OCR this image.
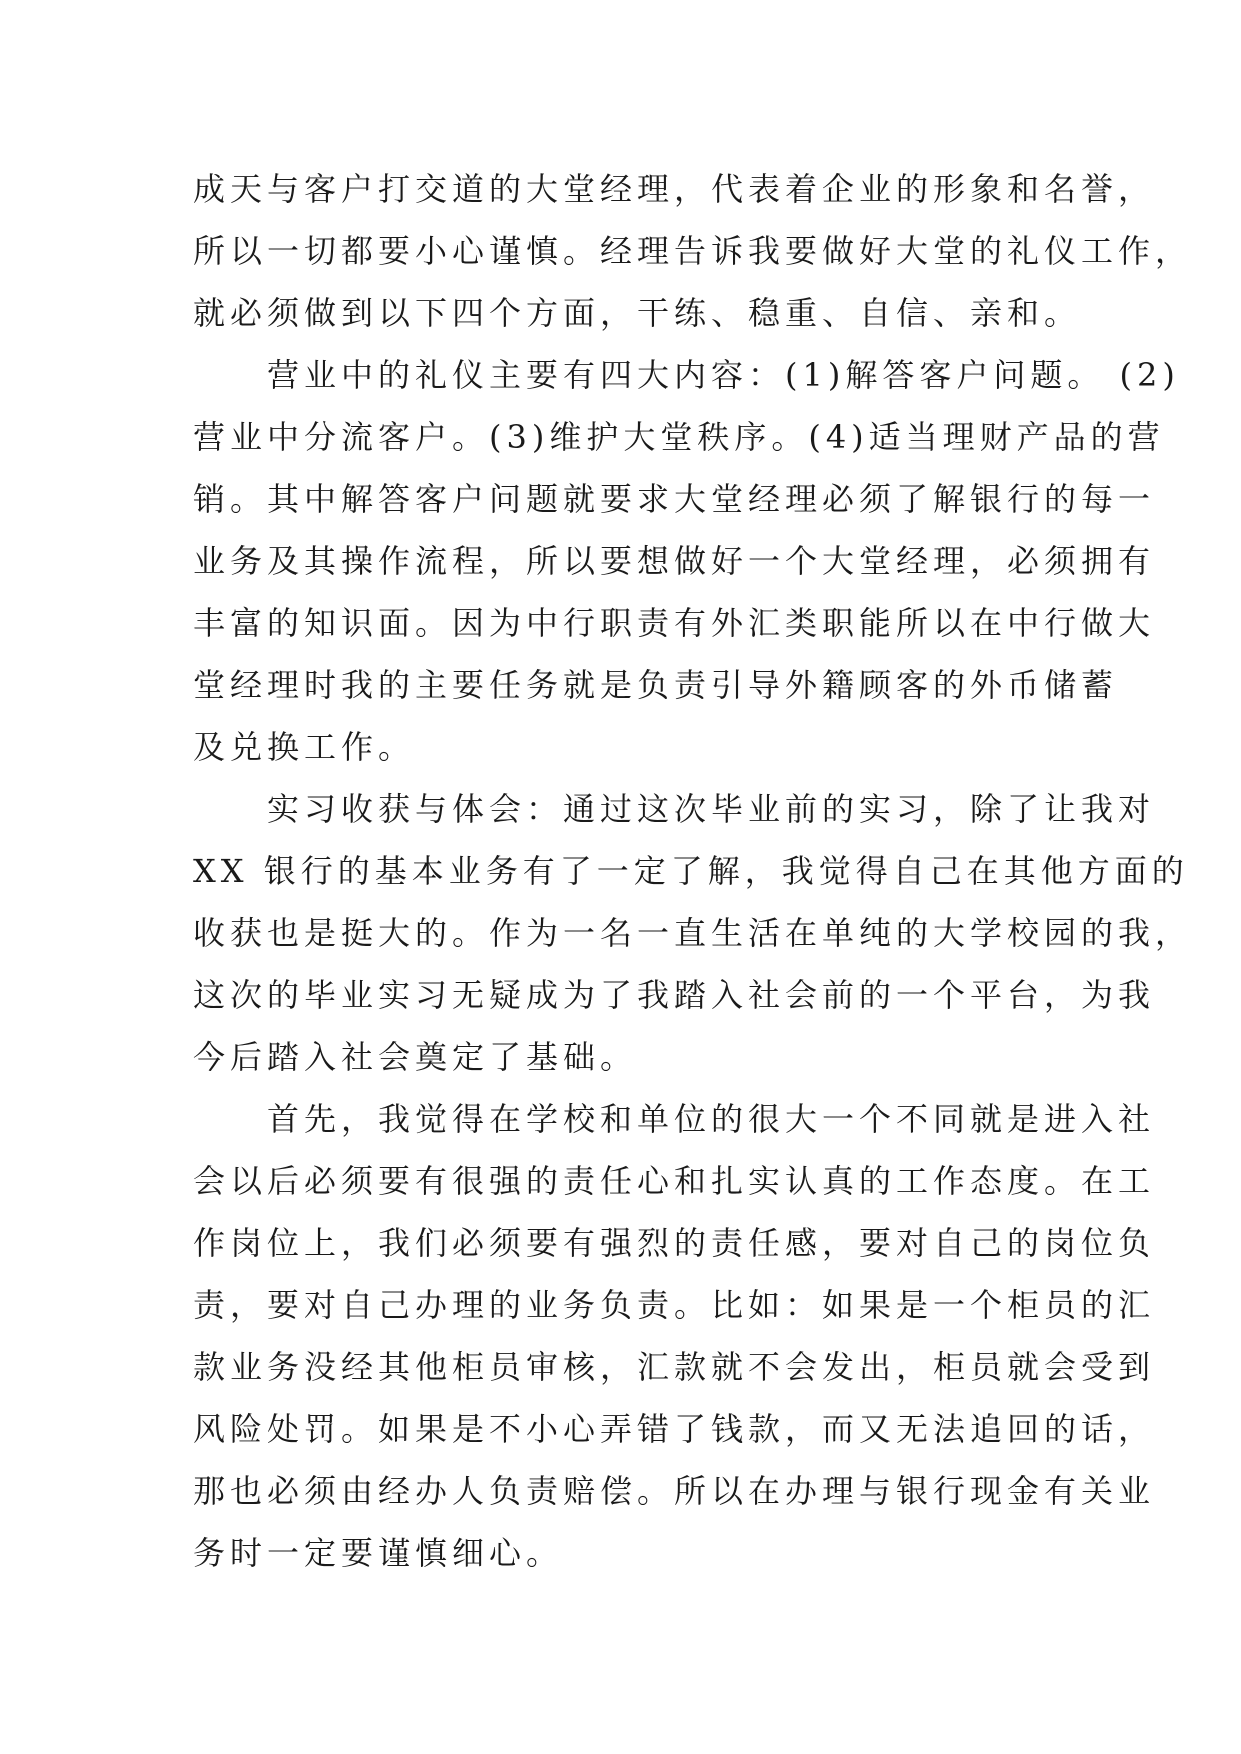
成天与客户打交道的大堂经理，代表着企业的形象和名誉，

所以一切都要小心谨慎。经理告诉我要做好大堂的礼仪工作，

就必须做到以下四个方面，干练、稳重、自信、亲和。

　　营业中的礼仪主要有四大内容：(1)解答客户问题。 (2)

营业中分流客户。(3)维护大堂秩序。(4)适当理财产品的营

销。其中解答客户问题就要求大堂经理必须了解银行的每一

业务及其操作流程，所以要想做好一个大堂经理，必须拥有

丰富的知识面。因为中行职责有外汇类职能所以在中行做大

堂经理时我的主要任务就是负责引导外籍顾客的外币储蓄

及兑换工作。

　　实习收获与体会：通过这次毕业前的实习，除了让我对

XX 银行的基本业务有了一定了解，我觉得自己在其他方面的

收获也是挺大的。作为一名一直生活在单纯的大学校园的我，

这次的毕业实习无疑成为了我踏入社会前的一个平台，为我

今后踏入社会奠定了基础。

　　首先，我觉得在学校和单位的很大一个不同就是进入社

会以后必须要有很强的责任心和扎实认真的工作态度。在工

作岗位上，我们必须要有强烈的责任感，要对自己的岗位负

责，要对自己办理的业务负责。比如：如果是一个柜员的汇

款业务没经其他柜员审核，汇款就不会发出，柜员就会受到

风险处罚。如果是不小心弄错了钱款，而又无法追回的话，

那也必须由经办人负责赔偿。所以在办理与银行现金有关业

务时一定要谨慎细心。
